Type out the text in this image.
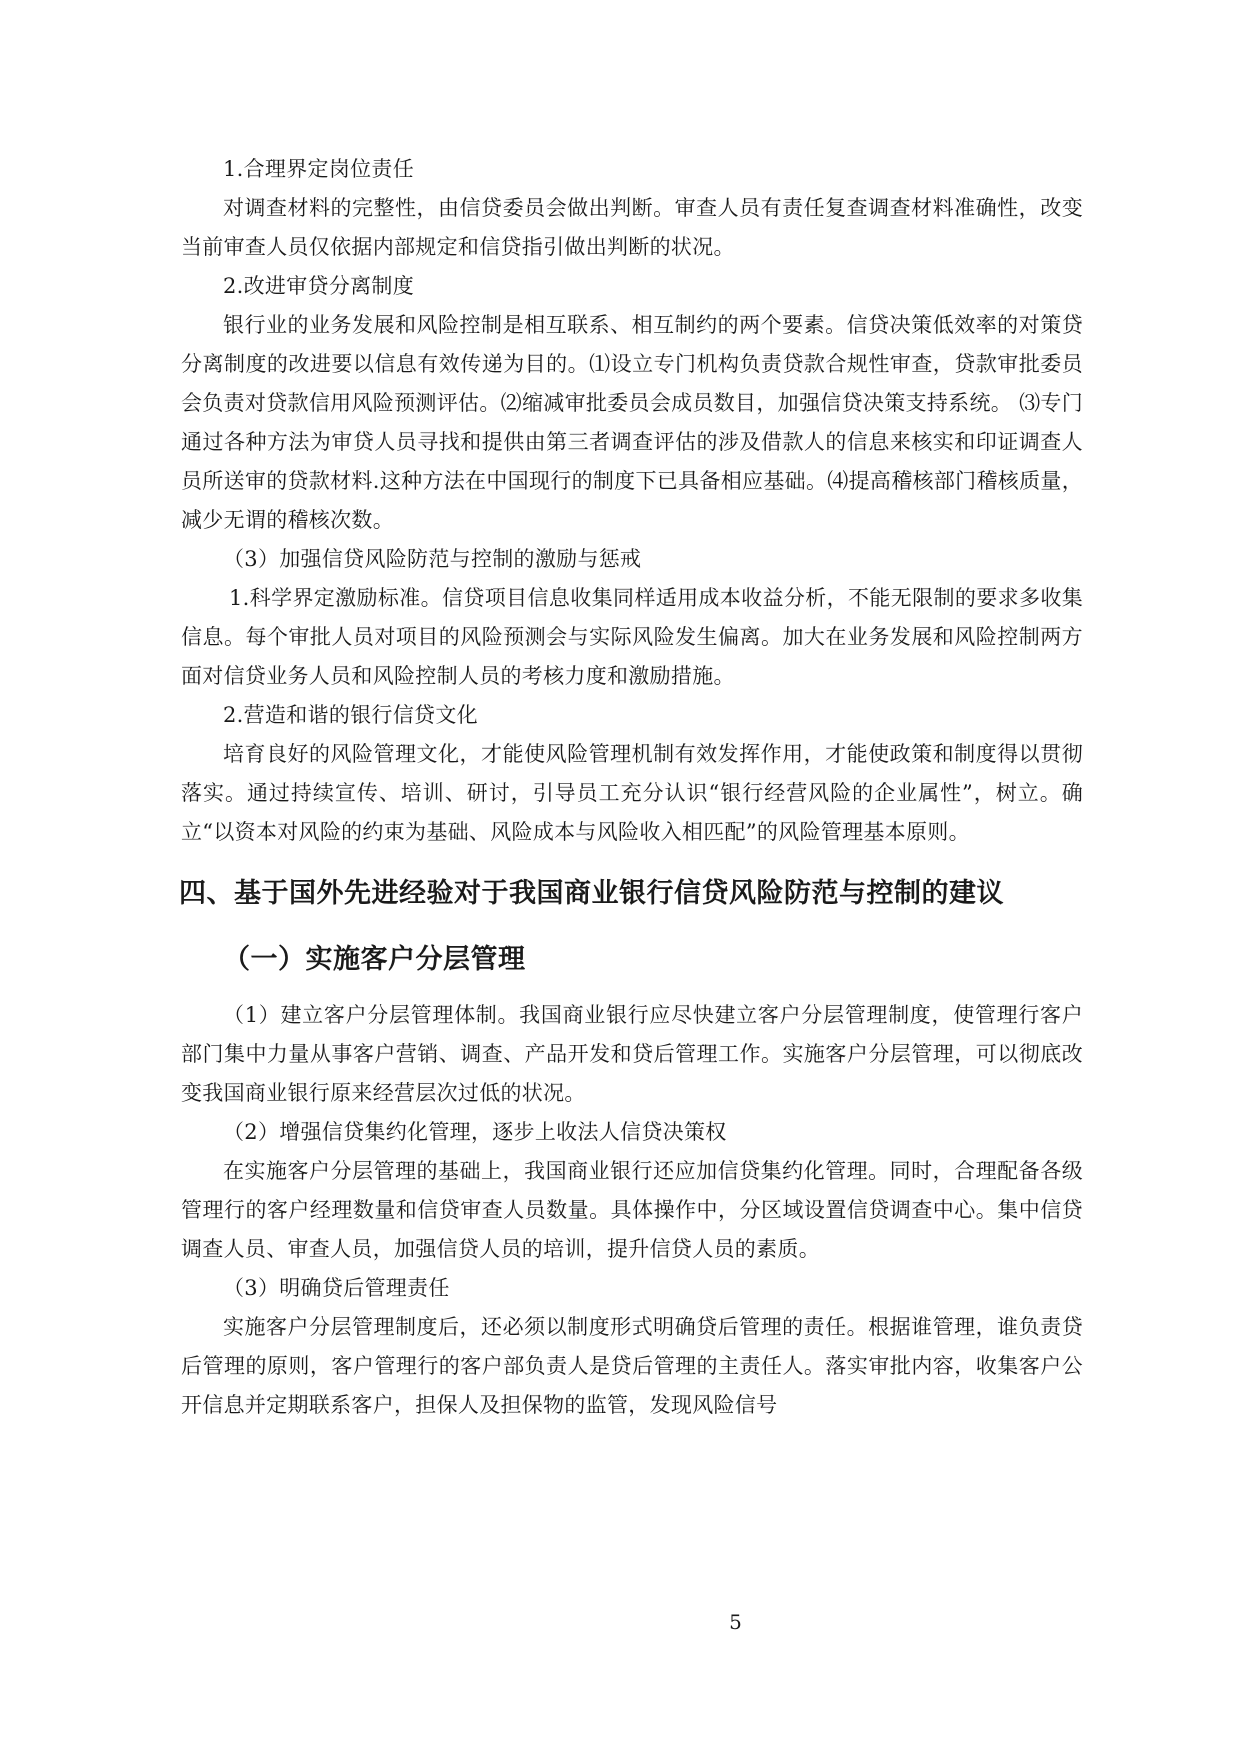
1.合理界定岗位责任

对调查材料的完整性，由信贷委员会做出判断。审查人员有责任复查调查材料准确性，改变当前审查人员仅依据内部规定和信贷指引做出判断的状况。

2.改进审贷分离制度

银行业的业务发展和风险控制是相互联系、相互制约的两个要素。信贷决策低效率的对策贷分离制度的改进要以信息有效传递为目的。⑴设立专门机构负责贷款合规性审查，贷款审批委员会负责对贷款信用风险预测评估。⑵缩减审批委员会成员数目，加强信贷决策支持系统。 ⑶专门通过各种方法为审贷人员寻找和提供由第三者调查评估的涉及借款人的信息来核实和印证调查人员所送审的贷款材料.这种方法在中国现行的制度下已具备相应基础。⑷提高稽核部门稽核质量，减少无谓的稽核次数。

（3）加强信贷风险防范与控制的激励与惩戒

1.科学界定激励标准。信贷项目信息收集同样适用成本收益分析，不能无限制的要求多收集信息。每个审批人员对项目的风险预测会与实际风险发生偏离。加大在业务发展和风险控制两方面对信贷业务人员和风险控制人员的考核力度和激励措施。

2.营造和谐的银行信贷文化

培育良好的风险管理文化，才能使风险管理机制有效发挥作用，才能使政策和制度得以贯彻落实。通过持续宣传、培训、研讨，引导员工充分认识“银行经营风险的企业属性”，树立。确立“以资本对风险的约束为基础、风险成本与风险收入相匹配”的风险管理基本原则。

四、基于国外先进经验对于我国商业银行信贷风险防范与控制的建议
（一）实施客户分层管理

（1）建立客户分层管理体制。我国商业银行应尽快建立客户分层管理制度，使管理行客户部门集中力量从事客户营销、调查、产品开发和贷后管理工作。实施客户分层管理，可以彻底改变我国商业银行原来经营层次过低的状况。

（2）增强信贷集约化管理，逐步上收法人信贷决策权

在实施客户分层管理的基础上，我国商业银行还应加信贷集约化管理。同时，合理配备各级管理行的客户经理数量和信贷审查人员数量。具体操作中，分区域设置信贷调查中心。集中信贷调查人员、审查人员，加强信贷人员的培训，提升信贷人员的素质。

（3）明确贷后管理责任

实施客户分层管理制度后，还必须以制度形式明确贷后管理的责任。根据谁管理，谁负责贷后管理的原则，客户管理行的客户部负责人是贷后管理的主责任人。落实审批内容，收集客户公开信息并定期联系客户，担保人及担保物的监管，发现风险信号

5
